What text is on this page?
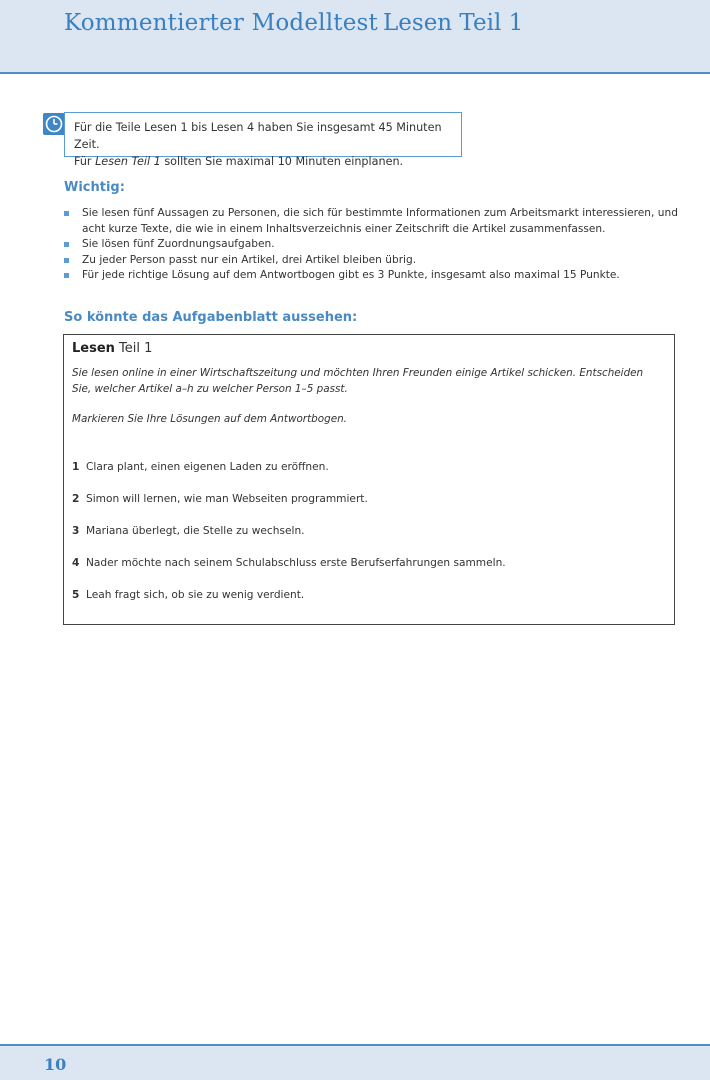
Kommentierter Modelltest Lesen Teil 1
Für die Teile Lesen 1 bis Lesen 4 haben Sie insgesamt 45 Minuten Zeit.
Für Lesen Teil 1 sollten Sie maximal 10 Minuten einplanen.
Wichtig:
Sie lesen fünf Aussagen zu Personen, die sich für bestimmte Informationen zum Arbeitsmarkt interessieren, und acht kurze Texte, die wie in einem Inhaltsverzeichnis einer Zeitschrift die Artikel zusammenfassen.
Sie lösen fünf Zuordnungsaufgaben.
Zu jeder Person passt nur ein Artikel, drei Artikel bleiben übrig.
Für jede richtige Lösung auf dem Antwortbogen gibt es 3 Punkte, insgesamt also maximal 15 Punkte.
So könnte das Aufgabenblatt aussehen:
Lesen Teil 1
Sie lesen online in einer Wirtschaftszeitung und möchten Ihren Freunden einige Artikel schicken. Entscheiden Sie, welcher Artikel a–h zu welcher Person 1–5 passt.
Markieren Sie Ihre Lösungen auf dem Antwortbogen.
1 Clara plant, einen eigenen Laden zu eröffnen.
2 Simon will lernen, wie man Webseiten programmiert.
3 Mariana überlegt, die Stelle zu wechseln.
4 Nader möchte nach seinem Schulabschluss erste Berufserfahrungen sammeln.
5 Leah fragt sich, ob sie zu wenig verdient.
10
